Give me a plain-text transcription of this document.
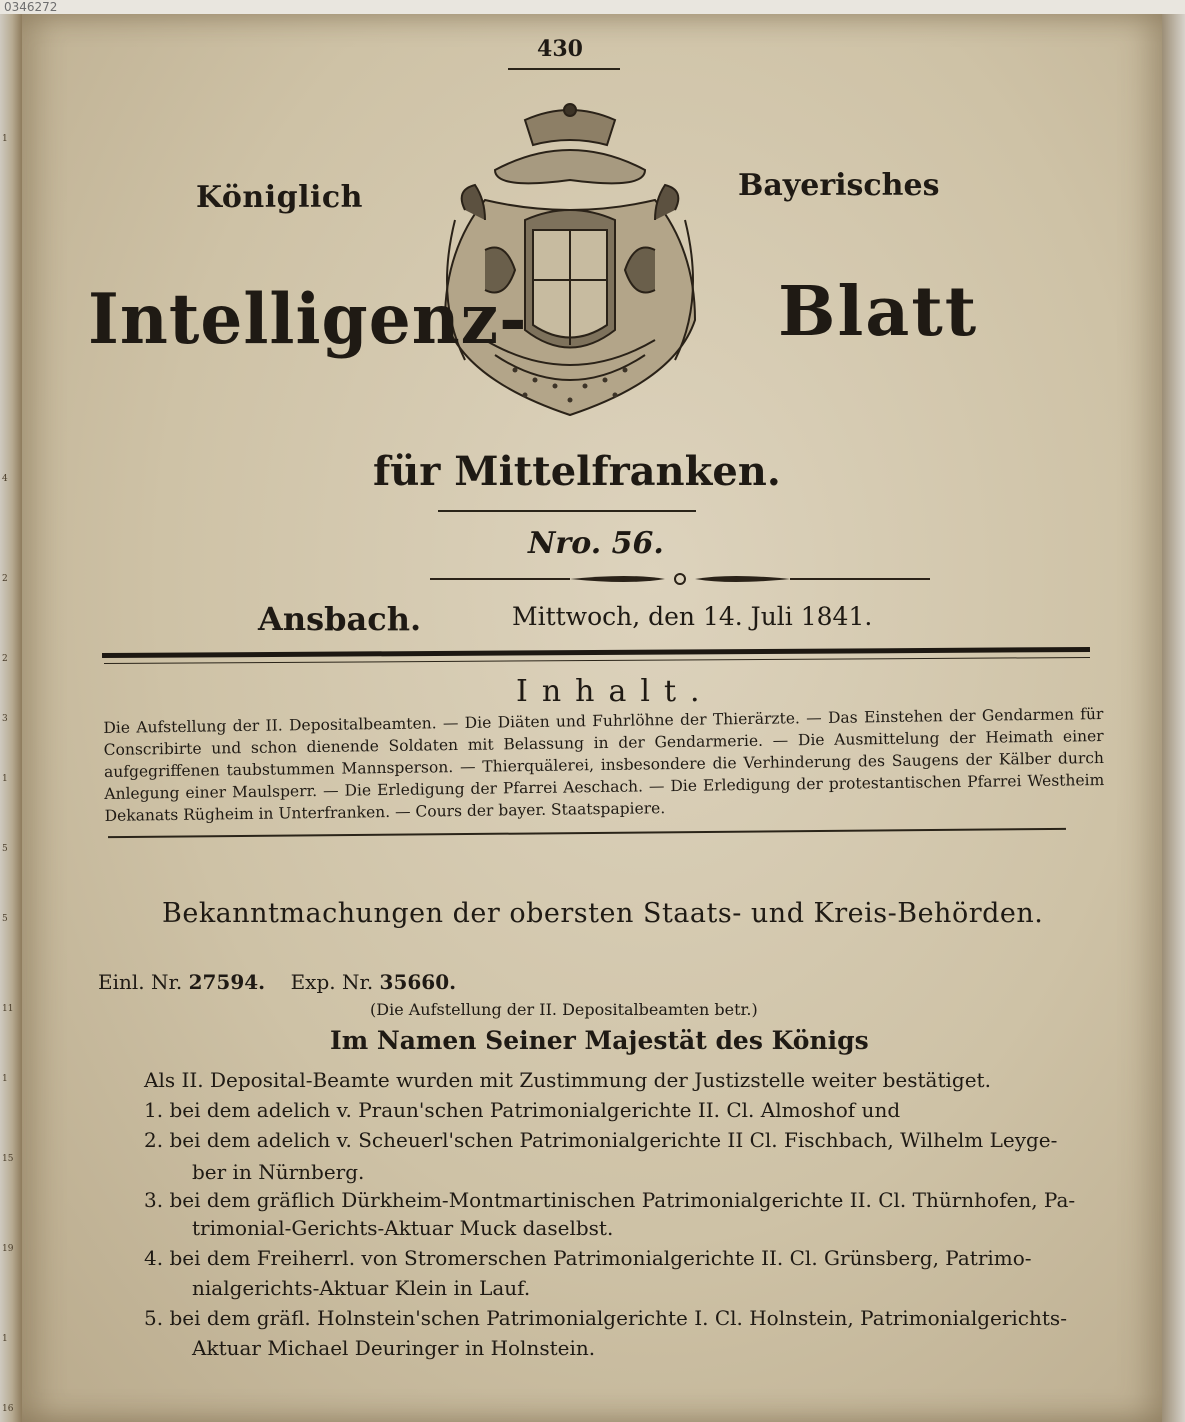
0346272
1
4
2
2
3
1
5
5
11
1
15
19
1
16
430
Königlich	Bayerisches
Intelligenz-	Blatt
für Mittelfranken.
Nro. 56.
Ansbach.	Mittwoch, den 14. Juli 1841.
Inhalt.
Die Aufstellung der II. Depositalbeamten. — Die Diäten und Fuhrlöhne der Thierärzte. — Das Einstehen der Gendarmen für Conscribirte und schon dienende Soldaten mit Belassung in der Gendarmerie. — Die Ausmittelung der Heimath einer aufgegriffenen taubstummen Mannsperson. — Thierquälerei, insbesondere die Verhinderung des Saugens der Kälber durch Anlegung einer Maulsperr. — Die Erledigung der Pfarrei Aeschach. — Die Erledigung der protestantischen Pfarrei Westheim Dekanats Rügheim in Unterfranken. — Cours der bayer. Staatspapiere.
Bekanntmachungen der obersten Staats- und Kreis-Behörden.
Einl. Nr. 27594. Exp. Nr. 35660.
(Die Aufstellung der II. Depositalbeamten betr.)
Im Namen Seiner Majestät des Königs
Als II. Deposital-Beamte wurden mit Zustimmung der Justizstelle weiter bestätiget.
1. bei dem adelich v. Praun'schen Patrimonialgerichte II. Cl. Almoshof und
2. bei dem adelich v. Scheuerl'schen Patrimonialgerichte II Cl. Fischbach, Wilhelm Leyge-
ber in Nürnberg.
3. bei dem gräflich Dürkheim-Montmartinischen Patrimonialgerichte II. Cl. Thürnhofen, Pa-
trimonial-Gerichts-Aktuar Muck daselbst.
4. bei dem Freiherrl. von Stromerschen Patrimonialgerichte II. Cl. Grünsberg, Patrimo-
nialgerichts-Aktuar Klein in Lauf.
5. bei dem gräfl. Holnstein'schen Patrimonialgerichte I. Cl. Holnstein, Patrimonialgerichts-
Aktuar Michael Deuringer in Holnstein.
